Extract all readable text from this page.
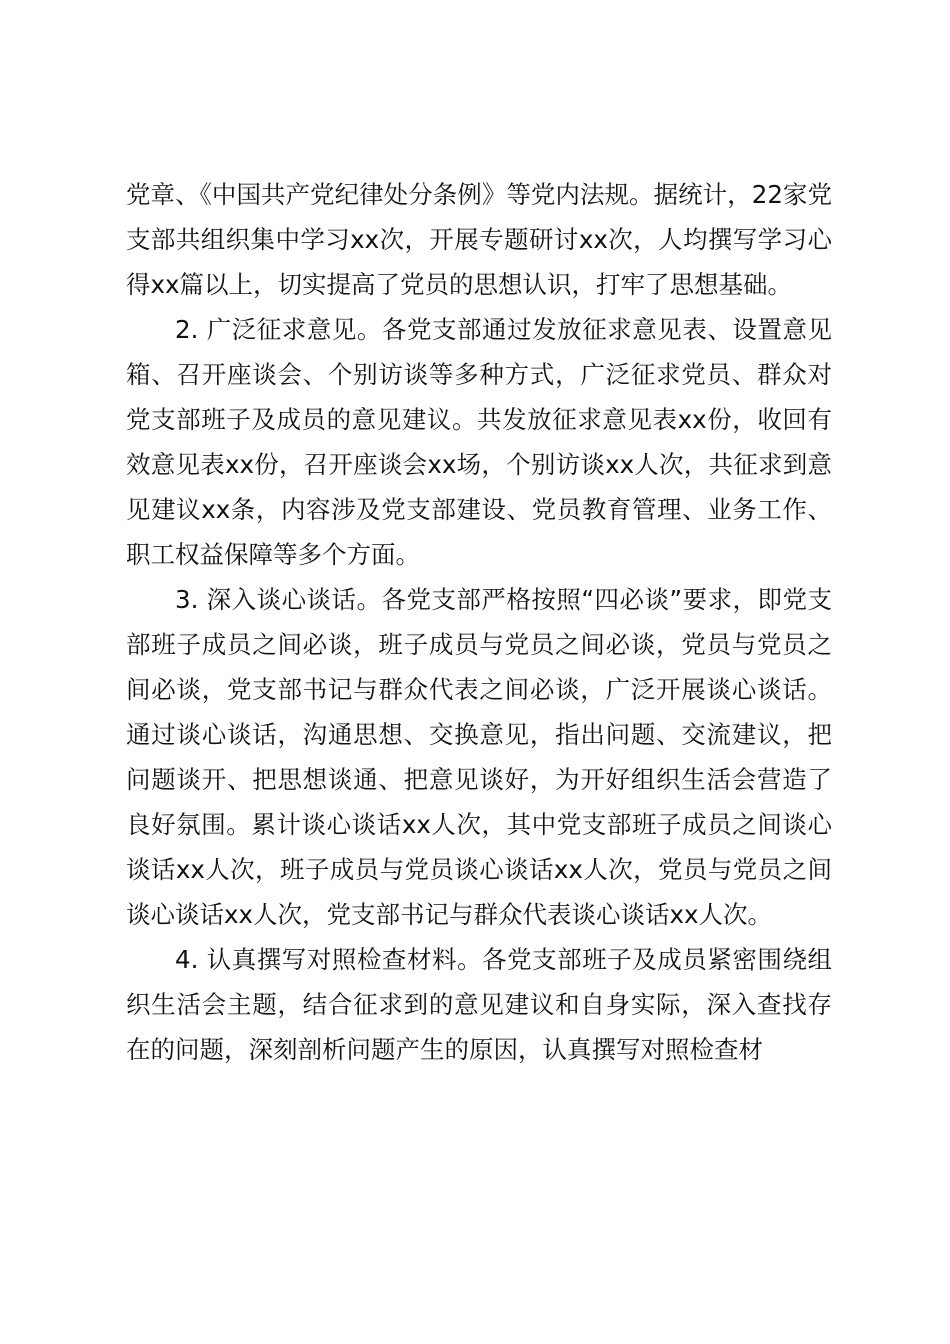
党章、《中国共产党纪律处分条例》等党内法规。据统计，22家党支部共组织集中学习xx次，开展专题研讨xx次，人均撰写学习心得xx篇以上，切实提高了党员的思想认识，打牢了思想基础。

2. 广泛征求意见。各党支部通过发放征求意见表、设置意见箱、召开座谈会、个别访谈等多种方式，广泛征求党员、群众对党支部班子及成员的意见建议。共发放征求意见表xx份，收回有效意见表xx份，召开座谈会xx场，个别访谈xx人次，共征求到意见建议xx条，内容涉及党支部建设、党员教育管理、业务工作、职工权益保障等多个方面。

3. 深入谈心谈话。各党支部严格按照“四必谈”要求，即党支部班子成员之间必谈，班子成员与党员之间必谈，党员与党员之间必谈，党支部书记与群众代表之间必谈，广泛开展谈心谈话。通过谈心谈话，沟通思想、交换意见，指出问题、交流建议，把问题谈开、把思想谈通、把意见谈好，为开好组织生活会营造了良好氛围。累计谈心谈话xx人次，其中党支部班子成员之间谈心谈话xx人次，班子成员与党员谈心谈话xx人次，党员与党员之间谈心谈话xx人次，党支部书记与群众代表谈心谈话xx人次。

4. 认真撰写对照检查材料。各党支部班子及成员紧密围绕组织生活会主题，结合征求到的意见建议和自身实际，深入查找存在的问题，深刻剖析问题产生的原因，认真撰写对照检查材
